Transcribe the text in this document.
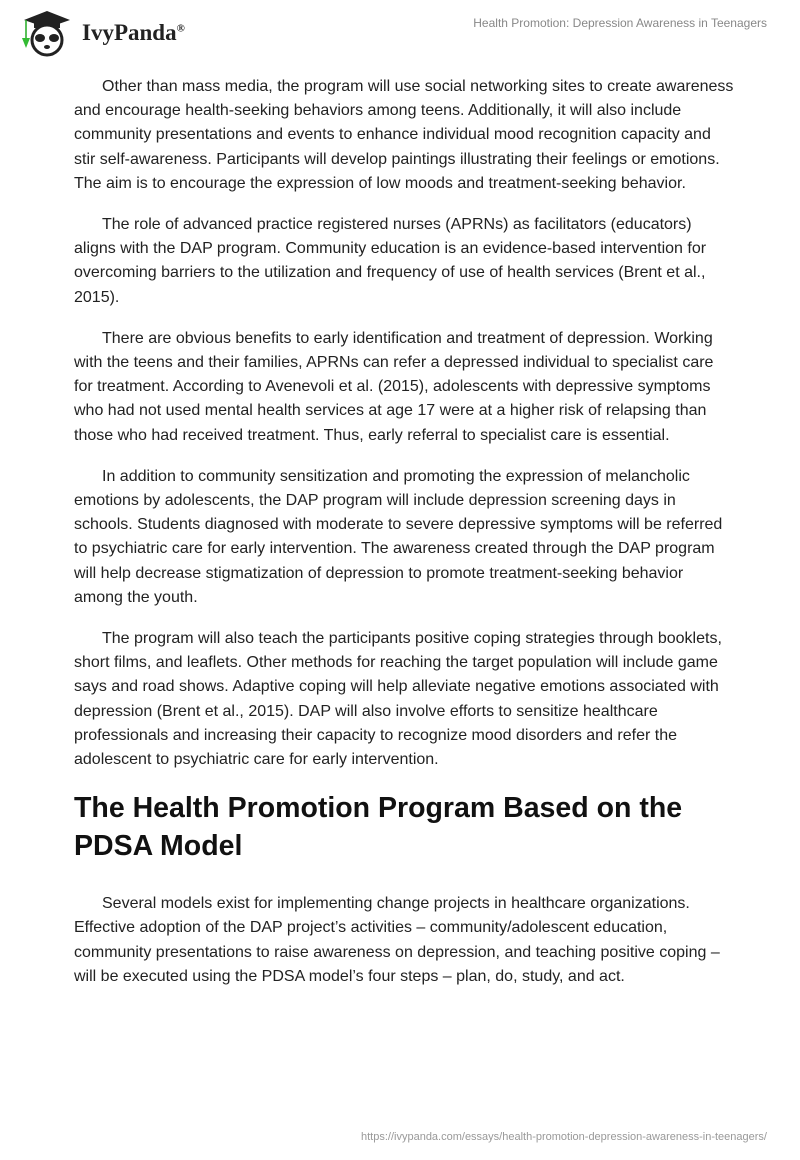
IvyPanda®	Health Promotion: Depression Awareness in Teenagers

Other than mass media, the program will use social networking sites to create awareness and encourage health-seeking behaviors among teens. Additionally, it will also include community presentations and events to enhance individual mood recognition capacity and stir self-awareness. Participants will develop paintings illustrating their feelings or emotions. The aim is to encourage the expression of low moods and treatment-seeking behavior.

The role of advanced practice registered nurses (APRNs) as facilitators (educators) aligns with the DAP program. Community education is an evidence-based intervention for overcoming barriers to the utilization and frequency of use of health services (Brent et al., 2015).

There are obvious benefits to early identification and treatment of depression. Working with the teens and their families, APRNs can refer a depressed individual to specialist care for treatment. According to Avenevoli et al. (2015), adolescents with depressive symptoms who had not used mental health services at age 17 were at a higher risk of relapsing than those who had received treatment. Thus, early referral to specialist care is essential.

In addition to community sensitization and promoting the expression of melancholic emotions by adolescents, the DAP program will include depression screening days in schools. Students diagnosed with moderate to severe depressive symptoms will be referred to psychiatric care for early intervention. The awareness created through the DAP program will help decrease stigmatization of depression to promote treatment-seeking behavior among the youth.

The program will also teach the participants positive coping strategies through booklets, short films, and leaflets. Other methods for reaching the target population will include game says and road shows. Adaptive coping will help alleviate negative emotions associated with depression (Brent et al., 2015). DAP will also involve efforts to sensitize healthcare professionals and increasing their capacity to recognize mood disorders and refer the adolescent to psychiatric care for early intervention.

The Health Promotion Program Based on the PDSA Model

Several models exist for implementing change projects in healthcare organizations. Effective adoption of the DAP project’s activities – community/adolescent education, community presentations to raise awareness on depression, and teaching positive coping – will be executed using the PDSA model’s four steps – plan, do, study, and act.

https://ivypanda.com/essays/health-promotion-depression-awareness-in-teenagers/
